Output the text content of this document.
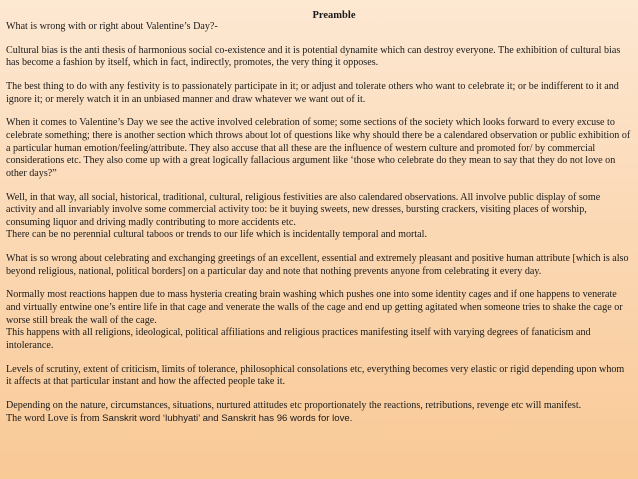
Preamble

What is wrong with or right about Valentine’s Day?-

Cultural bias is the anti thesis of harmonious social co-existence and it is potential dynamite which can destroy everyone. The exhibition of cultural bias has become a fashion by itself, which in fact, indirectly, promotes, the very thing it opposes.

The best thing to do with any festivity is to passionately participate in it; or adjust and tolerate others who want to celebrate it; or be indifferent to it and ignore it; or merely watch it in an unbiased manner and draw whatever we want out of it.

When it comes to Valentine’s Day we see the active involved celebration of some; some sections of the society which looks forward to every excuse to celebrate something; there is another section which throws about lot of questions like why should there be a calendared observation or public exhibition of a particular human emotion/feeling/attribute. They also accuse that all these are the influence of western culture and promoted for/ by commercial considerations etc. They also come up with a great logically fallacious argument like ‘those who celebrate do they mean to say that they do not love on other days?”

Well, in that way, all social, historical, traditional, cultural, religious festivities are also calendared observations. All involve public display of some activity and all invariably involve some commercial activity too: be it buying sweets, new dresses, bursting crackers, visiting places of worship, consuming liquor and driving madly contributing to more accidents etc.
There can be no perennial cultural taboos or trends to our life which is incidentally temporal and mortal.

What is so wrong about celebrating and exchanging greetings of an excellent, essential and extremely pleasant and positive human attribute [which is also beyond religious, national, political borders] on a particular day and note that nothing prevents anyone from celebrating it every day.

Normally most reactions happen due to mass hysteria creating brain washing which pushes one into some identity cages and if one happens to venerate and virtually entwine one’s entire life in that cage and venerate the walls of the cage and end up getting agitated when someone tries to shake the cage or worse still break the wall of the cage.
This happens with all religions, ideological, political affiliations and religious practices manifesting itself with varying degrees of fanaticism and intolerance.

Levels of scrutiny, extent of criticism, limits of tolerance, philosophical consolations etc, everything becomes very elastic or rigid depending upon whom it affects at that particular instant and how the affected people take it.

Depending on the nature, circumstances, situations, nurtured attitudes etc proportionately the reactions, retributions, revenge etc will manifest.
The word Love is from Sanskrit word ‘lubhyati’ and Sanskrit has 96 words for love.
